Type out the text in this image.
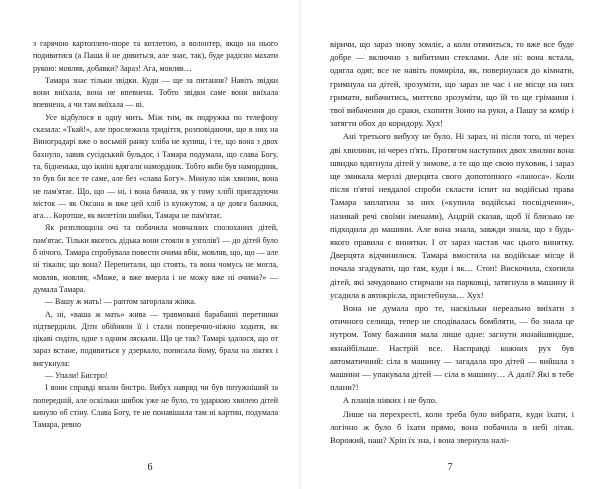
з гарячою картоплею-пюре та котлетою, а волонтер, якщо на нього подивитися (а Паша й не дивиться, але знає, так), буде радісно махати рукою: мовляв, добавки? Зараз! Ага, мовляв…

Тамара знає тільки звідки. Куди — ще за питання? Навіть звідки вони виїхала, вона не впевнена. Тобто звідки саме вони виїхала впевнена, а чи там виїхала — ні.

Усе відбулося в одну мить. Між тим, як подружка по телефону сказала: «Ткай!», але прослежила тридіття, розповідаючи, що в них на Виноградарі вже о восьмій ранку хліба не купиш, і те, що вона з двох бахнуло, завив сусідський бульдог, і Тамара подумала, що слава Богу, та, бідненька, що ікніні вдягали намордник. Тобто якби був намордник, то був би все те саме, але без «слава Богу». Минуло ніж хвилин, вона не пам'ятає. Що, що — ні, і вона бачила, як у тому хлібі пригадуючи місток — як Оксана ж вже цей хліб із кунжутом, а це довга балачка, ага… Коротше, як вилетіли шибки, Тамара не пам'ятає.

Як розплющила очі та побачила мовчазних сполоханих дітей, пам'ятає. Тільки якогось дідька вони стояли в узголів'ї — до дітей було б нічого. Тамара спробувала повести очима вбік, мовляв, що, що — але ні тікали; що вона? Перепитали, що стоять, та вона чомусь не могла, мовляв, мовляв, «Може, я вже вмерла і не можу вже ні очима?» — думала Тамара.

— Вашу ж мать! — раптом загорлала жінка.

А, ні, «ваша ж мать» жива — травмовані барабанні перетинки підтвердили. Діти обійняли її і стали поперечно-ніжно ходити, як цікаві сидіти, одне з одним ляскали. Що це так? Тамарі здалося, що от зараз встане, подивиться у дзеркало, пописала йому, брала на ліктях і вигукнула:

— Упали! Бистро!

І вони справді впали бистро. Вибух навряд чи був потужніший за попередній, але оскільки шибок уже не було, то ударною хвилею дітей кинуло об стіну. Слава Богу, те не понавішала там ні картин, подумала Тамара, ревно

6

віричи, що зараз знову зомліє, а коли отямиться, то вже все буде добре — включно з вибитими стеклами. Але ні: вона встала, одягла одяг, все не навіть помиріла, як, повернулася до кімнати, гримнула на дітей, зрозуміти, що зараз не час і не місце на них гримати, вибачитись, миттєво зрозуміти, що їй то ще грімання і твої вибачення до сраки, схопити Зоню на руки, а Пашу за комір і затягти обох до коридору. Хух!

Ані третього вибуху не було. Ні зараз, ні після того, ні через дві хвилини, ні через п'ять. Протягом наступних двох хвилин вона швидко вдягнула дітей у зимове, а те що ще свою пуховик, і зараз ще змикала мерзлі дверцята свого допотопного «ланоса». Коли після п'ятої невдалої спроби скласти іспит на водійські права Тамара заплатила за них («купила водійські посвідчення», називай речі своїми іменами), Андрій сказав, щоб її близько не підходила до машини. Але вона знала, завжди знала, що з будь-якого правила є винятки. І от зараз настав час цього винятку. Дверцята відчинилися. Тамара вмостила на водійське місце й почала згадувати, що там, куди і як… Стоп! Вискочила, схопила дітей, які зачудовано стирчали на парковці, затягнула в машину й усадила в автокрісла, пристебнула… Хух!

Вона не думала про те, наскільки нереально виїхати з отичного селища, тепер не сподівалась бомбляти, — бо знала це нутром. Тому бажання мала лише одне: загнути якнайшвидше, якнайбільше. Настрій все. Насправді кожних рух був автоматичний: сіла в машину — загадала про дітей — вийшла з машини — упакувала дітей — сіла в машину… А далі? Які в тебе плани?!

А планів ніяких і не було.

Лише на перехресті, коли треба було вибрати, куди їхати, і логічно ж було б їхати прямо, вона побачила в небі літак. Ворожий, наш? Хрін їх зна, і вона звернула налі-

7
